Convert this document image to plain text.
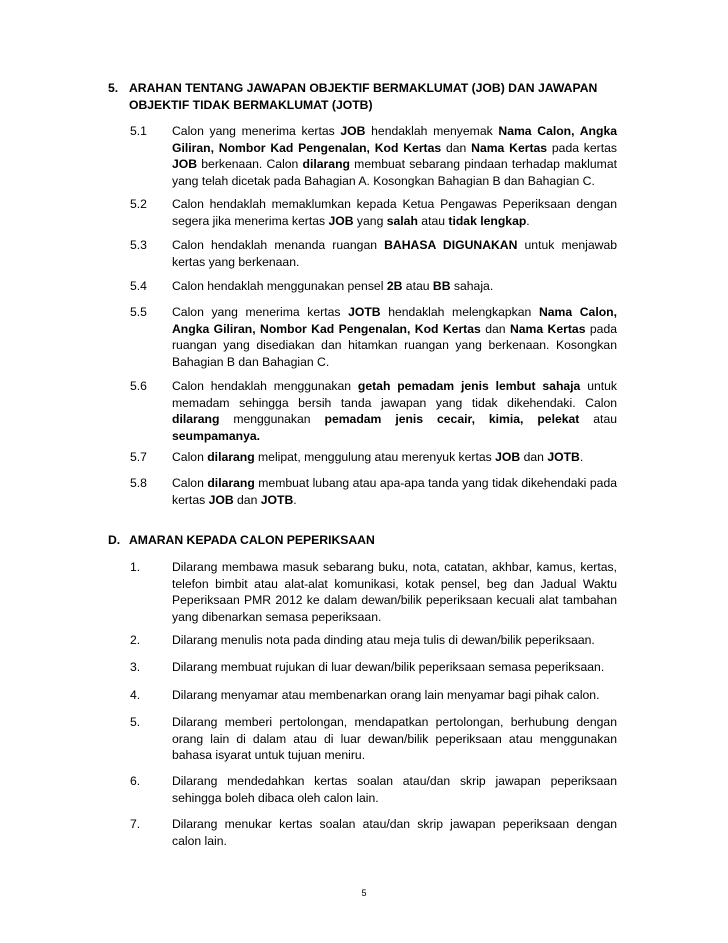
5. ARAHAN TENTANG JAWAPAN OBJEKTIF BERMAKLUMAT (JOB) DAN JAWAPAN OBJEKTIF TIDAK BERMAKLUMAT (JOTB)
5.1 Calon yang menerima kertas JOB hendaklah menyemak Nama Calon, Angka Giliran, Nombor Kad Pengenalan, Kod Kertas dan Nama Kertas pada kertas JOB berkenaan. Calon dilarang membuat sebarang pindaan terhadap maklumat yang telah dicetak pada Bahagian A. Kosongkan Bahagian B dan Bahagian C.
5.2 Calon hendaklah memaklumkan kepada Ketua Pengawas Peperiksaan dengan segera jika menerima kertas JOB yang salah atau tidak lengkap.
5.3 Calon hendaklah menanda ruangan BAHASA DIGUNAKAN untuk menjawab kertas yang berkenaan.
5.4 Calon hendaklah menggunakan pensel 2B atau BB sahaja.
5.5 Calon yang menerima kertas JOTB hendaklah melengkapkan Nama Calon, Angka Giliran, Nombor Kad Pengenalan, Kod Kertas dan Nama Kertas pada ruangan yang disediakan dan hitamkan ruangan yang berkenaan. Kosongkan Bahagian B dan Bahagian C.
5.6 Calon hendaklah menggunakan getah pemadam jenis lembut sahaja untuk memadam sehingga bersih tanda jawapan yang tidak dikehendaki. Calon dilarang menggunakan pemadam jenis cecair, kimia, pelekat atau seumpamanya.
5.7 Calon dilarang melipat, menggulung atau merenyuk kertas JOB dan JOTB.
5.8 Calon dilarang membuat lubang atau apa-apa tanda yang tidak dikehendaki pada kertas JOB dan JOTB.
D. AMARAN KEPADA CALON PEPERIKSAAN
1.	Dilarang membawa masuk sebarang buku, nota, catatan, akhbar, kamus, kertas, telefon bimbit atau alat-alat komunikasi, kotak pensel, beg dan Jadual Waktu Peperiksaan PMR 2012 ke dalam dewan/bilik peperiksaan kecuali alat tambahan yang dibenarkan semasa peperiksaan.
2.	Dilarang menulis nota pada dinding atau meja tulis di dewan/bilik peperiksaan.
3.	Dilarang membuat rujukan di luar dewan/bilik peperiksaan semasa peperiksaan.
4.	Dilarang menyamar atau membenarkan orang lain menyamar bagi pihak calon.
5.	Dilarang memberi pertolongan, mendapatkan pertolongan, berhubung dengan orang lain di dalam atau di luar dewan/bilik peperiksaan atau menggunakan bahasa isyarat untuk tujuan meniru.
6.	Dilarang mendedahkan kertas soalan atau/dan skrip jawapan peperiksaan sehingga boleh dibaca oleh calon lain.
7.	Dilarang menukar kertas soalan atau/dan skrip jawapan peperiksaan dengan calon lain.
5
